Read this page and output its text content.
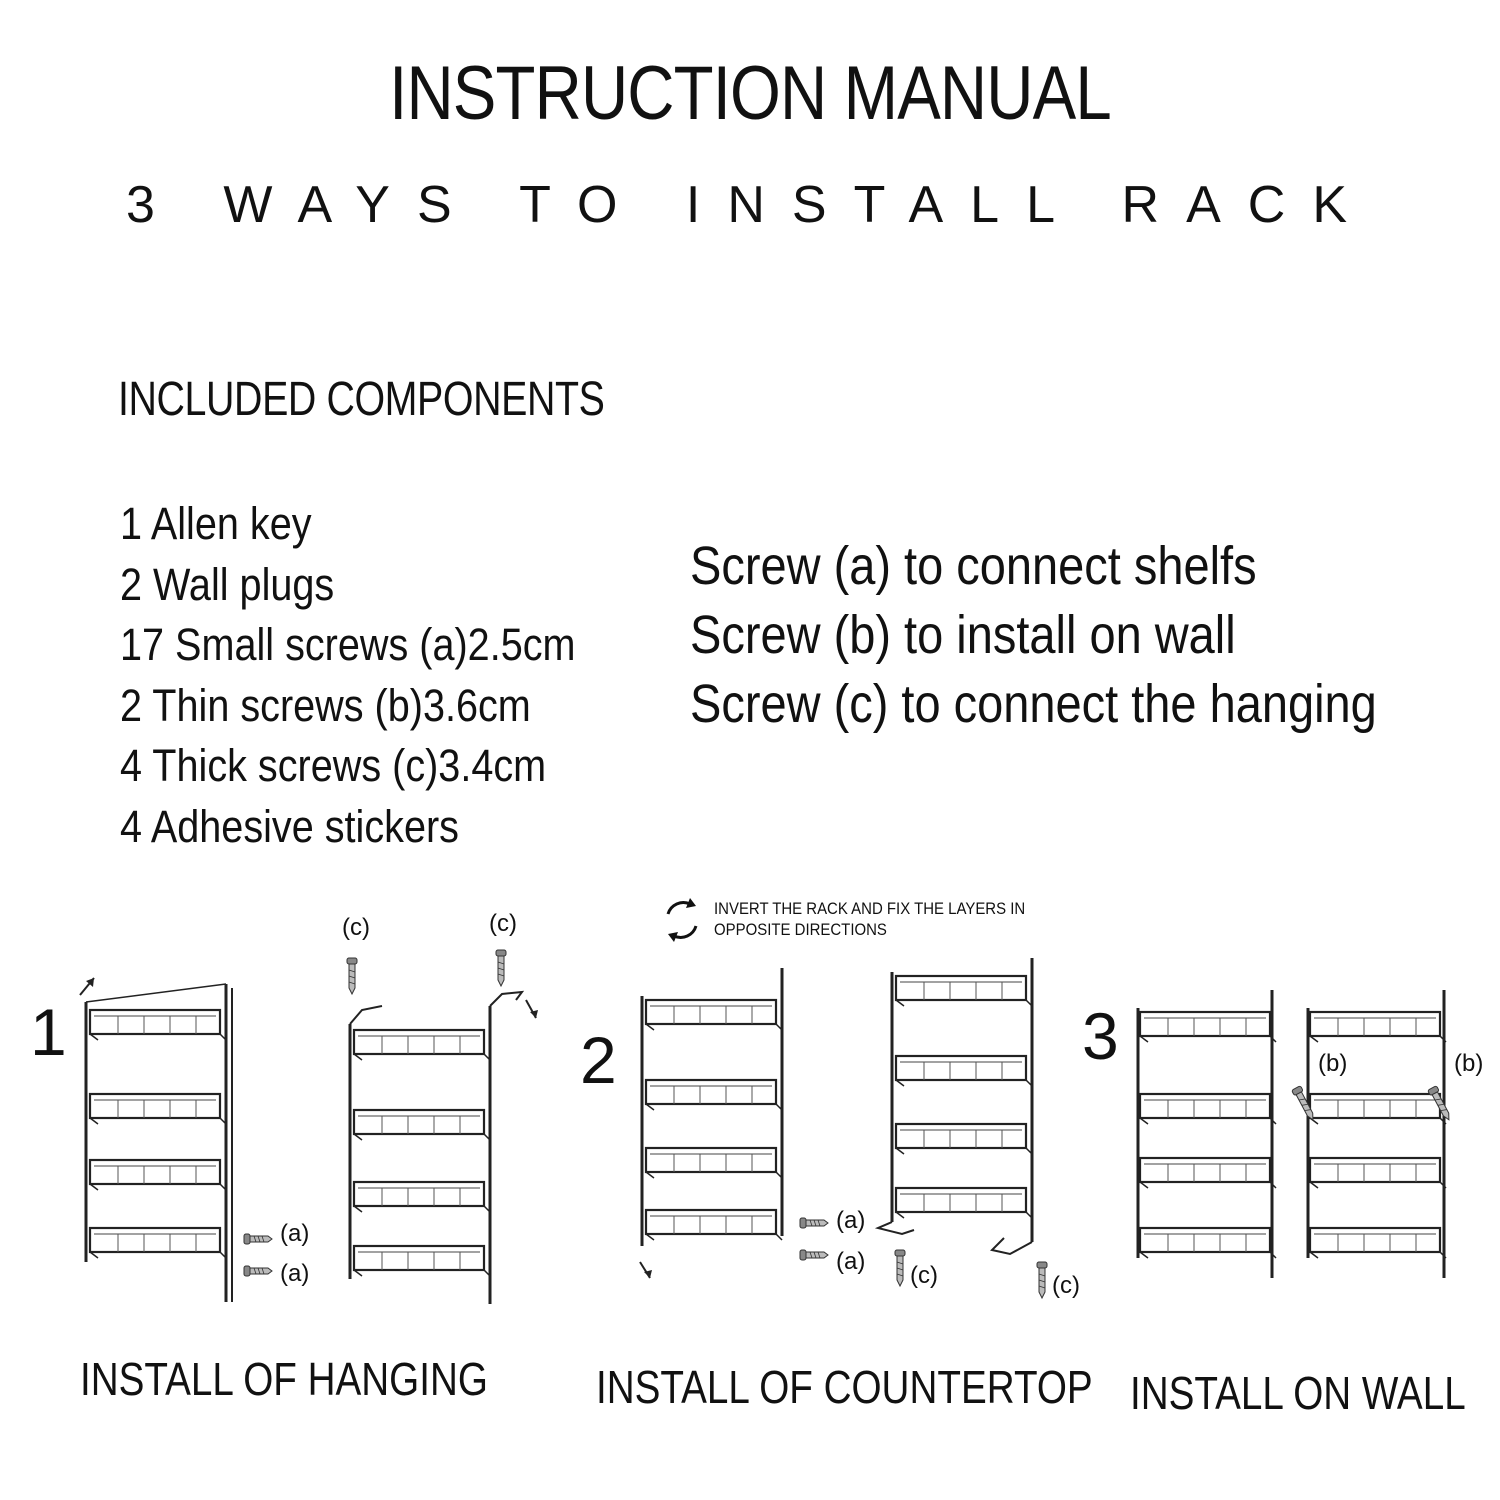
INSTRUCTION MANUAL
3 WAYS TO INSTALL RACK
INCLUDED COMPONENTS
1 Allen key
2 Wall plugs
17 Small screws (a)2.5cm
2 Thin screws (b)3.6cm
4 Thick screws (c)3.4cm
4 Adhesive stickers
Screw (a) to connect shelfs
Screw (b) to install on wall
Screw (c) to connect the hanging
1	2	3
(c)	(c)
(a)
(a)
(a)
(a)
(c)	(c)
(b)	(b)
INVERT THE RACK AND FIX THE LAYERS IN
OPPOSITE DIRECTIONS
INSTALL OF HANGING INSTALL OF COUNTERTOP INSTALL ON WALL
